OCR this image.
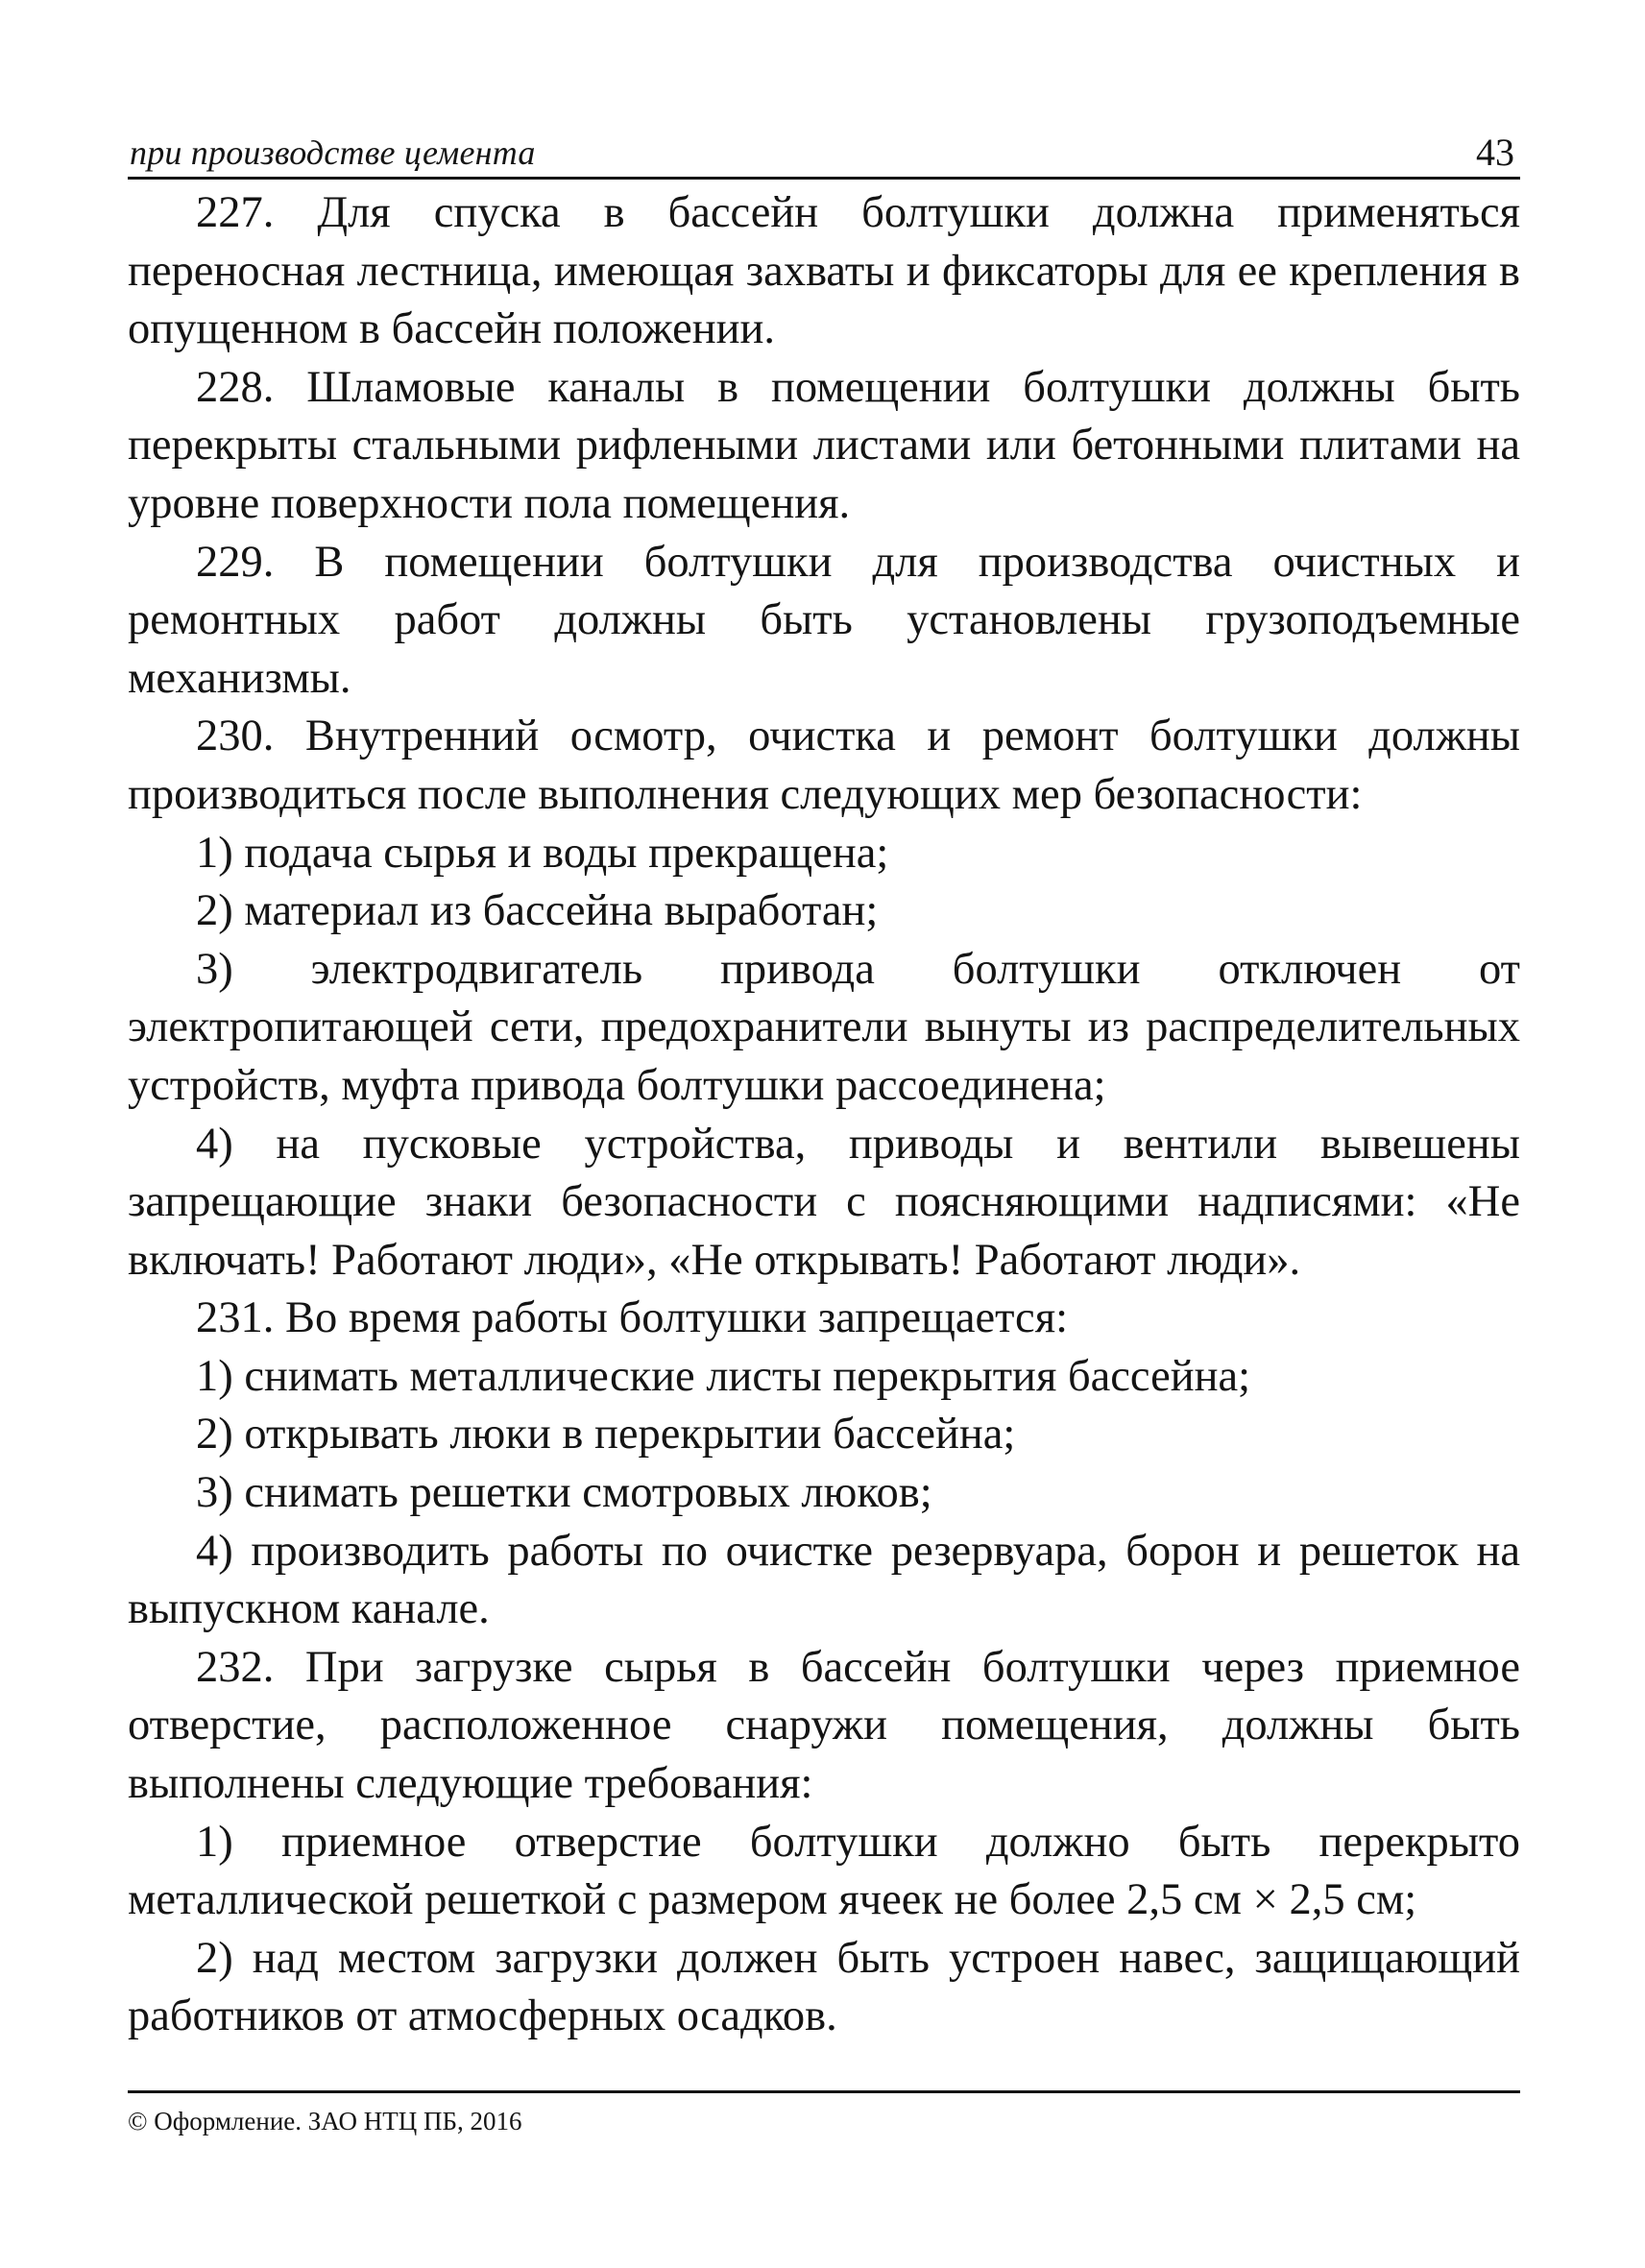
при производстве цемента	43

227. Для спуска в бассейн болтушки должна применяться переносная лестница, имеющая захваты и фиксаторы для ее крепления в опущенном в бассейн положении.

228. Шламовые каналы в помещении болтушки должны быть перекрыты стальными рифлеными листами или бетонными плитами на уровне поверхности пола помещения.

229. В помещении болтушки для производства очистных и ремонтных работ должны быть установлены грузоподъемные механизмы.

230. Внутренний осмотр, очистка и ремонт болтушки должны производиться после выполнения следующих мер безопасности:

1) подача сырья и воды прекращена;

2) материал из бассейна выработан;

3) электродвигатель привода болтушки отключен от электропитающей сети, предохранители вынуты из распределительных устройств, муфта привода болтушки рассоединена;

4) на пусковые устройства, приводы и вентили вывешены запрещающие знаки безопасности с поясняющими надписями: «Не включать! Работают люди», «Не открывать! Работают люди».

231. Во время работы болтушки запрещается:

1) снимать металлические листы перекрытия бассейна;

2) открывать люки в перекрытии бассейна;

3) снимать решетки смотровых люков;

4) производить работы по очистке резервуара, борон и решеток на выпускном канале.

232. При загрузке сырья в бассейн болтушки через приемное отверстие, расположенное снаружи помещения, должны быть выполнены следующие требования:

1) приемное отверстие болтушки должно быть перекрыто металлической решеткой с размером ячеек не более 2,5 см × 2,5 см;

2) над местом загрузки должен быть устроен навес, защищающий работников от атмосферных осадков.

© Оформление. ЗАО НТЦ ПБ, 2016
